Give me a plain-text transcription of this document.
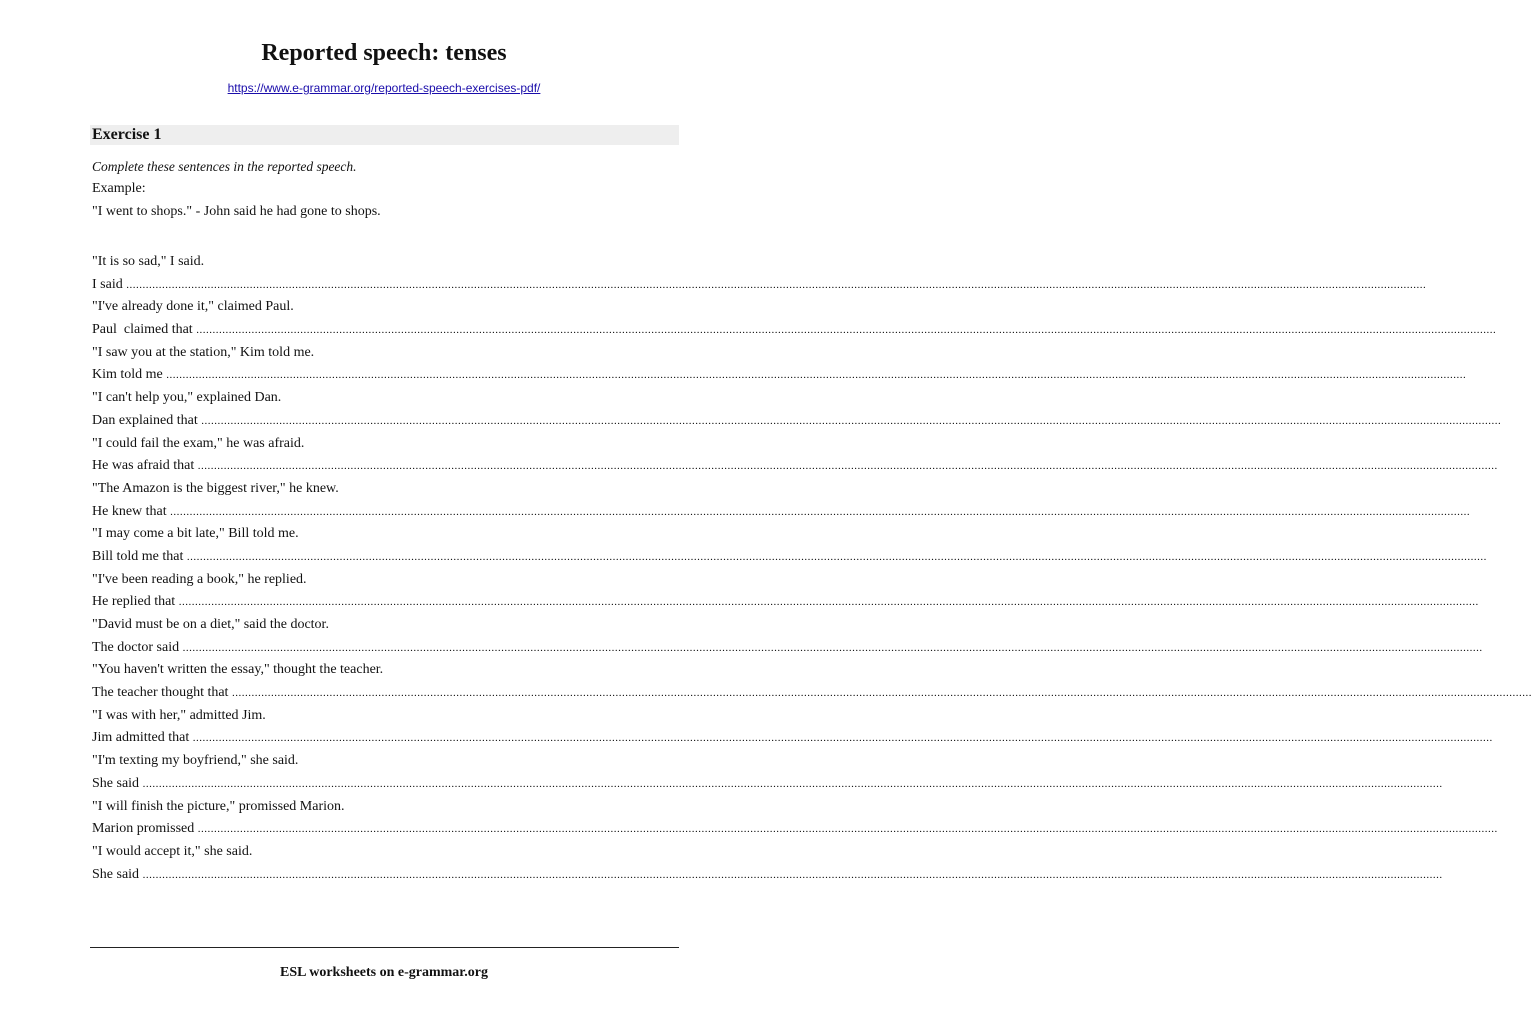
Reported speech: tenses
https://www.e-grammar.org/reported-speech-exercises-pdf/
Exercise 1
Complete these sentences in the reported speech.
Example:
"I went to shops." - John said he had gone to shops.
"It is so sad," I said.
I said ................................................................................................................................................................................................................................................................................................................................................................................................................
"I've already done it," claimed Paul.
Paul  claimed that ................................................................................................................................................................................................................................................................................................................................................................................................................
"I saw you at the station," Kim told me.
Kim told me ................................................................................................................................................................................................................................................................................................................................................................................................................
"I can't help you," explained Dan.
Dan explained that ................................................................................................................................................................................................................................................................................................................................................................................................................
"I could fail the exam," he was afraid.
He was afraid that ................................................................................................................................................................................................................................................................................................................................................................................................................
"The Amazon is the biggest river," he knew.
He knew that ................................................................................................................................................................................................................................................................................................................................................................................................................
"I may come a bit late," Bill told me.
Bill told me that ................................................................................................................................................................................................................................................................................................................................................................................................................
"I've been reading a book," he replied.
He replied that ................................................................................................................................................................................................................................................................................................................................................................................................................
"David must be on a diet," said the doctor.
The doctor said ................................................................................................................................................................................................................................................................................................................................................................................................................
"You haven't written the essay," thought the teacher.
The teacher thought that ................................................................................................................................................................................................................................................................................................................................................................................................................
"I was with her," admitted Jim.
Jim admitted that ................................................................................................................................................................................................................................................................................................................................................................................................................
"I'm texting my boyfriend," she said.
She said ................................................................................................................................................................................................................................................................................................................................................................................................................
"I will finish the picture," promissed Marion.
Marion promissed ................................................................................................................................................................................................................................................................................................................................................................................................................
"I would accept it," she said.
She said ................................................................................................................................................................................................................................................................................................................................................................................................................
ESL worksheets on e-grammar.org
